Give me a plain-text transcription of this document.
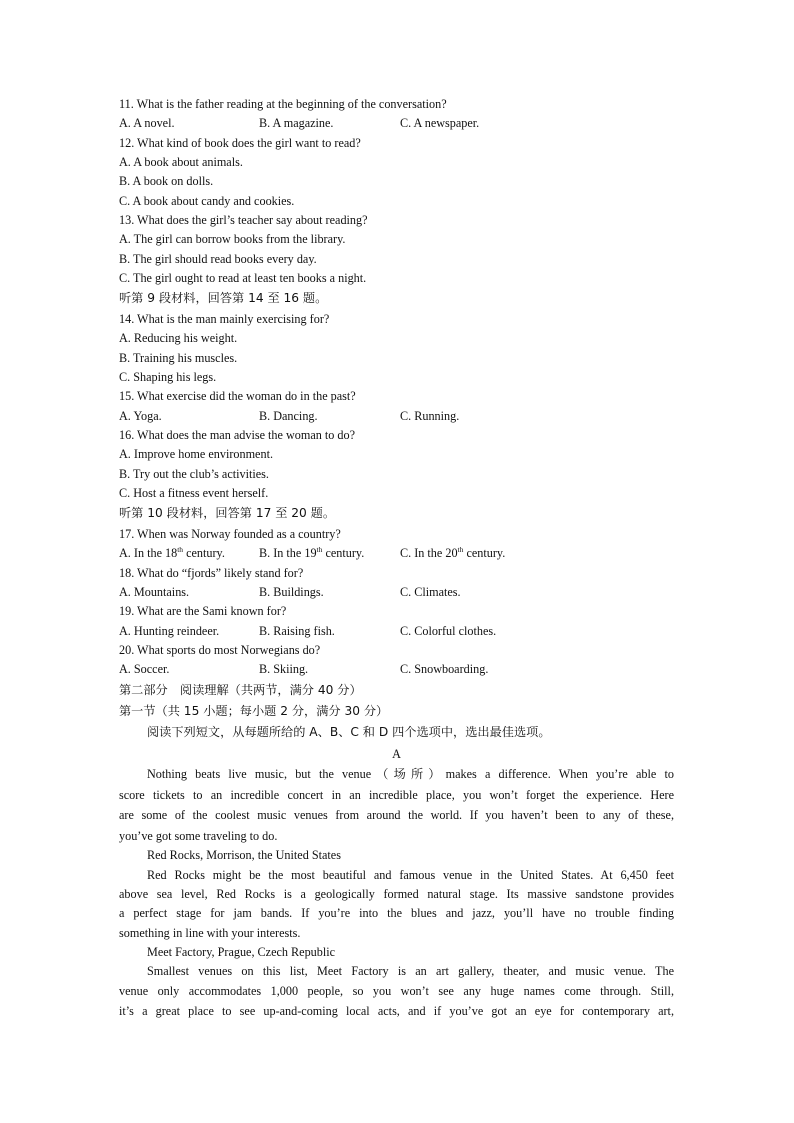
11. What is the father reading at the beginning of the conversation?
A. A novel.	B. A magazine.	C. A newspaper.
12. What kind of book does the girl want to read?
A. A book about animals.
B. A book on dolls.
C. A book about candy and cookies.
13. What does the girl’s teacher say about reading?
A. The girl can borrow books from the library.
B. The girl should read books every day.
C. The girl ought to read at least ten books a night.
听第 9 段材料，回答第 14 至 16 题。
14. What is the man mainly exercising for?
A. Reducing his weight.
B. Training his muscles.
C. Shaping his legs.
15. What exercise did the woman do in the past?
A. Yoga.	B. Dancing.	C. Running.
16. What does the man advise the woman to do?
A. Improve home environment.
B. Try out the club’s activities.
C. Host a fitness event herself.
听第 10 段材料，回答第 17 至 20 题。
17. When was Norway founded as a country?
A. In the 18th century.	B. In the 19th century.	C. In the 20th century.
18. What do “fjords” likely stand for?
A. Mountains.	B. Buildings.	C. Climates.
19. What are the Sami known for?
A. Hunting reindeer.	B. Raising fish.	C. Colorful clothes.
20. What sports do most Norwegians do?
A. Soccer.	B. Skiing.	C. Snowboarding.
第二部分　阅读理解（共两节，满分 40 分）
第一节（共 15 小题；每小题 2 分，满分 30 分）
阅读下列短文，从每题所给的 A、B、C 和 D 四个选项中，选出最佳选项。
A
Nothing beats live music, but the venue（场所）makes a difference. When you’re able to
score tickets to an incredible concert in an incredible place, you won’t forget the experience. Here
are some of the coolest music venues from around the world. If you haven’t been to any of these,
you’ve got some traveling to do.
Red Rocks, Morrison, the United States
Red Rocks might be the most beautiful and famous venue in the United States. At 6,450 feet
above sea level, Red Rocks is a geologically formed natural stage. Its massive sandstone provides
a perfect stage for jam bands. If you’re into the blues and jazz, you’ll have no trouble finding
something in line with your interests.
Meet Factory, Prague, Czech Republic
Smallest venues on this list, Meet Factory is an art gallery, theater, and music venue. The
venue only accommodates 1,000 people, so you won’t see any huge names come through. Still,
it’s a great place to see up-and-coming local acts, and if you’ve got an eye for contemporary art,
